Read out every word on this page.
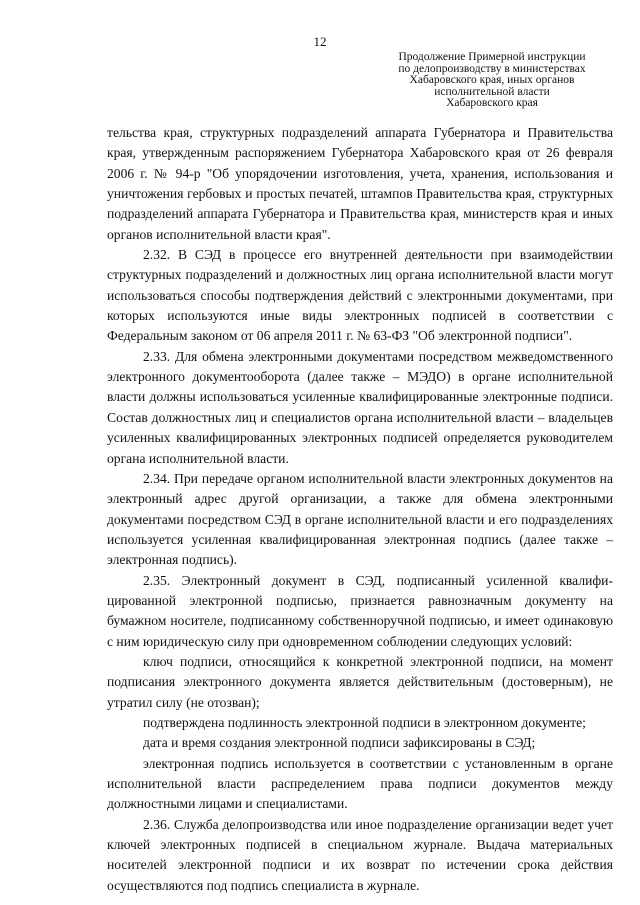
12
Продолжение Примерной инструкции
по делопроизводству в министерствах
Хабаровского края, иных органов
исполнительной власти
Хабаровского края

тельства края, структурных подразделений аппарата Губернатора и Правительства края, утвержденным распоряжением Губернатора Хабаровского края от 26 февраля 2006 г. № 94-р "Об упорядочении изготовления, учета, хранения, использования и уничтожения гербовых и простых печатей, штампов Правительства края, структурных подразделений аппарата Губернатора и Правительства края, министерств края и иных органов исполнительной власти края".

2.32. В СЭД в процессе его внутренней деятельности при взаимодействии структурных подразделений и должностных лиц органа исполнительной власти могут использоваться способы подтверждения действий с электронными документами, при которых используются иные виды электронных подписей в соответствии с Федеральным законом от 06 апреля 2011 г. № 63-ФЗ "Об электронной подписи".

2.33. Для обмена электронными документами посредством межведомственного электронного документооборота (далее также – МЭДО) в органе исполнительной власти должны использоваться усиленные квалифицированные электронные подписи. Состав должностных лиц и специалистов органа исполнительной власти – владельцев усиленных квалифицированных электронных подписей определяется руководителем органа исполнительной власти.

2.34. При передаче органом исполнительной власти электронных документов на электронный адрес другой организации, а также для обмена электронными документами посредством СЭД в органе исполнительной власти и его подразделениях используется усиленная квалифицированная электронная подпись (далее также – электронная подпись).

2.35. Электронный документ в СЭД, подписанный усиленной квалифицированной электронной подписью, признается равнозначным документу на бумажном носителе, подписанному собственноручной подписью, и имеет одинаковую с ним юридическую силу при одновременном соблюдении следующих условий:

ключ подписи, относящийся к конкретной электронной подписи, на момент подписания электронного документа является действительным (достоверным), не утратил силу (не отозван);

подтверждена подлинность электронной подписи в электронном документе;

дата и время создания электронной подписи зафиксированы в СЭД;

электронная подпись используется в соответствии с установленным в органе исполнительной власти распределением права подписи документов между должностными лицами и специалистами.

2.36. Служба делопроизводства или иное подразделение организации ведет учет ключей электронных подписей в специальном журнале. Выдача материальных носителей электронной подписи и их возврат по истечении срока действия осуществляются под подпись специалиста в журнале.
